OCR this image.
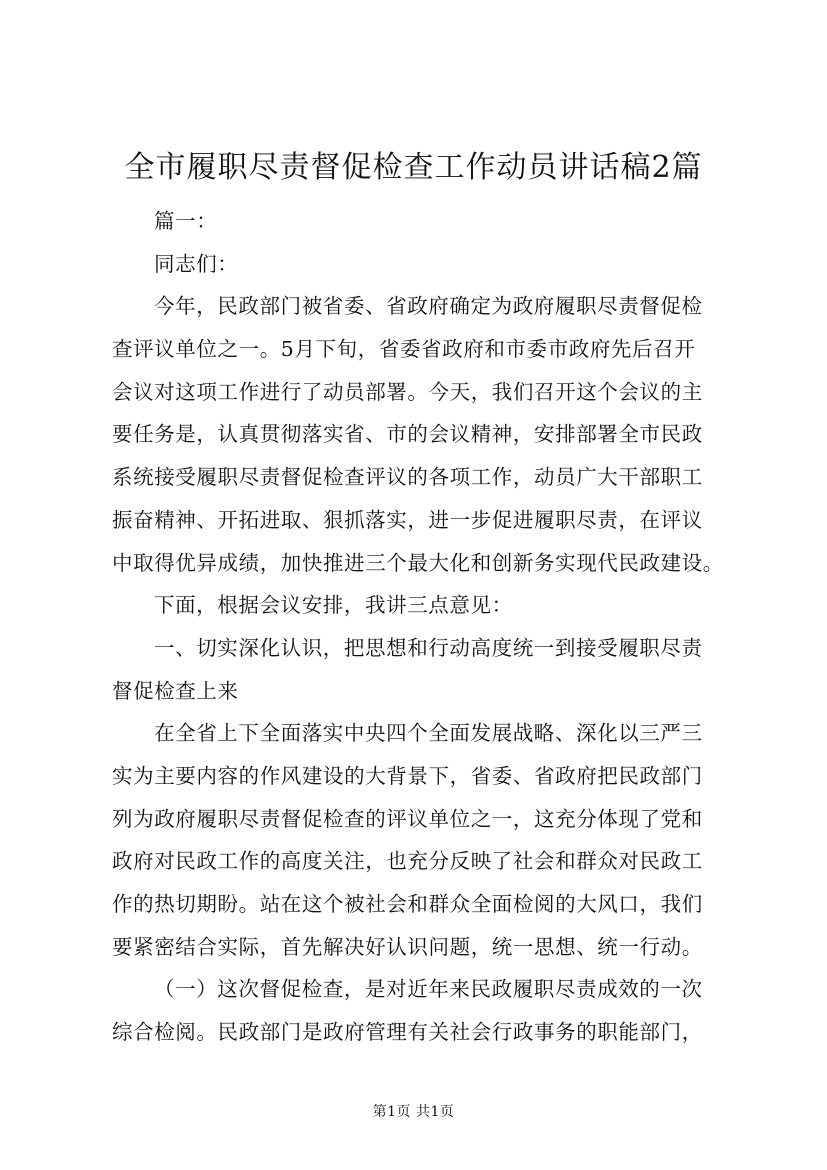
全市履职尽责督促检查工作动员讲话稿2篇
篇一：
同志们：
今年，民政部门被省委、省政府确定为政府履职尽责督促检
查评议单位之一。5月下旬，省委省政府和市委市政府先后召开
会议对这项工作进行了动员部署。今天，我们召开这个会议的主
要任务是，认真贯彻落实省、市的会议精神，安排部署全市民政
系统接受履职尽责督促检查评议的各项工作，动员广大干部职工
振奋精神、开拓进取、狠抓落实，进一步促进履职尽责，在评议
中取得优异成绩，加快推进三个最大化和创新务实现代民政建设。
下面，根据会议安排，我讲三点意见：
一、切实深化认识，把思想和行动高度统一到接受履职尽责
督促检查上来
在全省上下全面落实中央四个全面发展战略、深化以三严三
实为主要内容的作风建设的大背景下，省委、省政府把民政部门
列为政府履职尽责督促检查的评议单位之一，这充分体现了党和
政府对民政工作的高度关注，也充分反映了社会和群众对民政工
作的热切期盼。站在这个被社会和群众全面检阅的大风口，我们
要紧密结合实际，首先解决好认识问题，统一思想、统一行动。
（一）这次督促检查，是对近年来民政履职尽责成效的一次
综合检阅。民政部门是政府管理有关社会行政事务的职能部门，
第1页 共1页
